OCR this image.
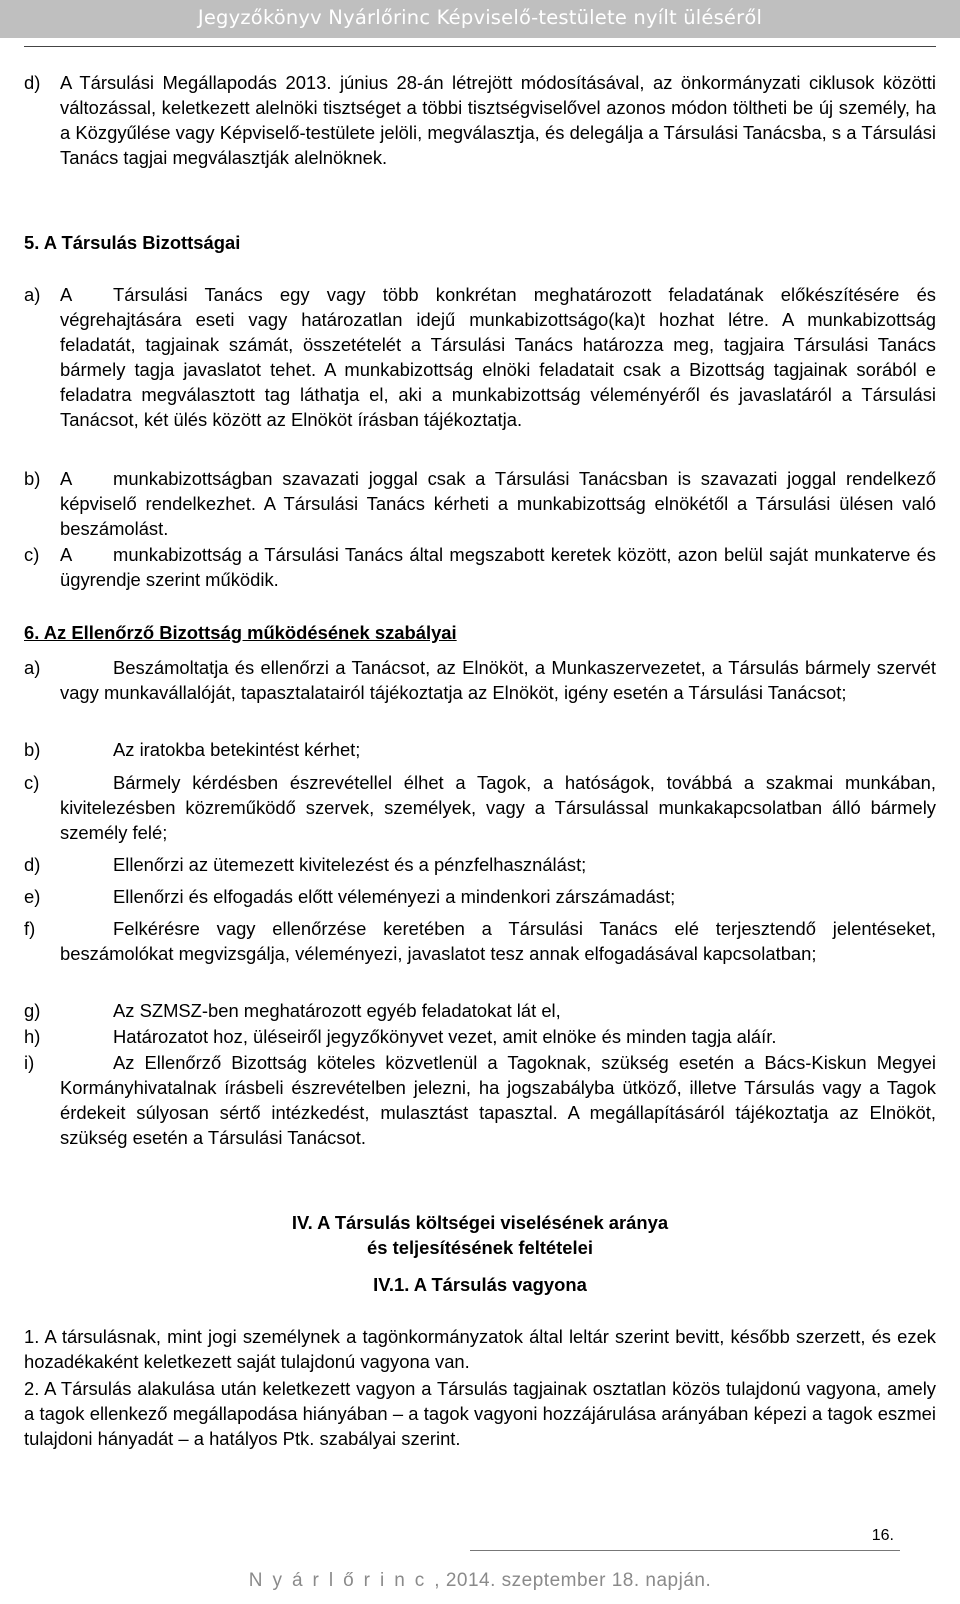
Jegyzőkönyv Nyárlőrinc Képviselő-testülete nyílt üléséről

d) A Társulási Megállapodás 2013. június 28-án létrejött módosításával, az önkormányzati ciklusok közötti változással, keletkezett alelnöki tisztséget a többi tisztségviselővel azonos módon töltheti be új személy, ha a Közgyűlése vagy Képviselő-testülete jelöli, megválasztja, és delegálja a Társulási Tanácsba, s a Társulási Tanács tagjai megválasztják alelnöknek.

5. A Társulás Bizottságai

a) A Társulási Tanács egy vagy több konkrétan meghatározott feladatának előkészítésére és végrehajtására eseti vagy határozatlan idejű munkabizottságo(ka)t hozhat létre. A munkabizottság feladatát, tagjainak számát, összetételét a Társulási Tanács határozza meg, tagjaira Társulási Tanács bármely tagja javaslatot tehet. A munkabizottság elnöki feladatait csak a Bizottság tagjainak sorából e feladatra megválasztott tag láthatja el, aki a munkabizottság véleményéről és javaslatáról a Társulási Tanácsot, két ülés között az Elnököt írásban tájékoztatja.

b) A munkabizottságban szavazati joggal csak a Társulási Tanácsban is szavazati joggal rendelkező képviselő rendelkezhet. A Társulási Tanács kérheti a munkabizottság elnökétől a Társulási ülésen való beszámolást.

c) A munkabizottság a Társulási Tanács által megszabott keretek között, azon belül saját munkaterve és ügyrendje szerint működik.

6. Az Ellenőrző Bizottság működésének szabályai

a)	Beszámoltatja és ellenőrzi a Tanácsot, az Elnököt, a Munkaszervezetet, a Társulás bármely szervét vagy munkavállalóját, tapasztalatairól tájékoztatja az Elnököt, igény esetén a Társulási Tanácsot;

b)	Az iratokba betekintést kérhet;

c)	Bármely kérdésben észrevétellel élhet a Tagok, a hatóságok, továbbá a szakmai munkában, kivitelezésben közreműködő szervek, személyek, vagy a Társulással munkakapcsolatban álló bármely személy felé;

d)	Ellenőrzi az ütemezett kivitelezést és a pénzfelhasználást;

e)	Ellenőrzi és elfogadás előtt véleményezi a mindenkori zárszámadást;

f)	Felkérésre vagy ellenőrzése keretében a Társulási Tanács elé terjesztendő jelentéseket, beszámolókat megvizsgálja, véleményezi, javaslatot tesz annak elfogadásával kapcsolatban;

g)	Az SZMSZ-ben meghatározott egyéb feladatokat lát el,

h)	Határozatot hoz, üléseiről jegyzőkönyvet vezet, amit elnöke és minden tagja aláír.

i)	Az Ellenőrző Bizottság köteles közvetlenül a Tagoknak, szükség esetén a Bács-Kiskun Megyei Kormányhivatalnak írásbeli észrevételben jelezni, ha jogszabályba ütköző, illetve Társulás vagy a Tagok érdekeit súlyosan sértő intézkedést, mulasztást tapasztal. A megállapításáról tájékoztatja az Elnököt, szükség esetén a Társulási Tanácsot.

IV. A Társulás költségei viselésének aránya

és teljesítésének feltételei

IV.1. A Társulás vagyona

1. A társulásnak, mint jogi személynek a tagönkormányzatok által leltár szerint bevitt, később szerzett, és ezek hozadékaként keletkezett saját tulajdonú vagyona van.

2. A Társulás alakulása után keletkezett vagyon a Társulás tagjainak osztatlan közös tulajdonú vagyona, amely a tagok ellenkező megállapodása hiányában – a tagok vagyoni hozzájárulása arányában képezi a tagok eszmei tulajdoni hányadát – a hatályos Ptk. szabályai szerint.

16.
Nyárlőrinc, 2014. szeptember 18. napján.
